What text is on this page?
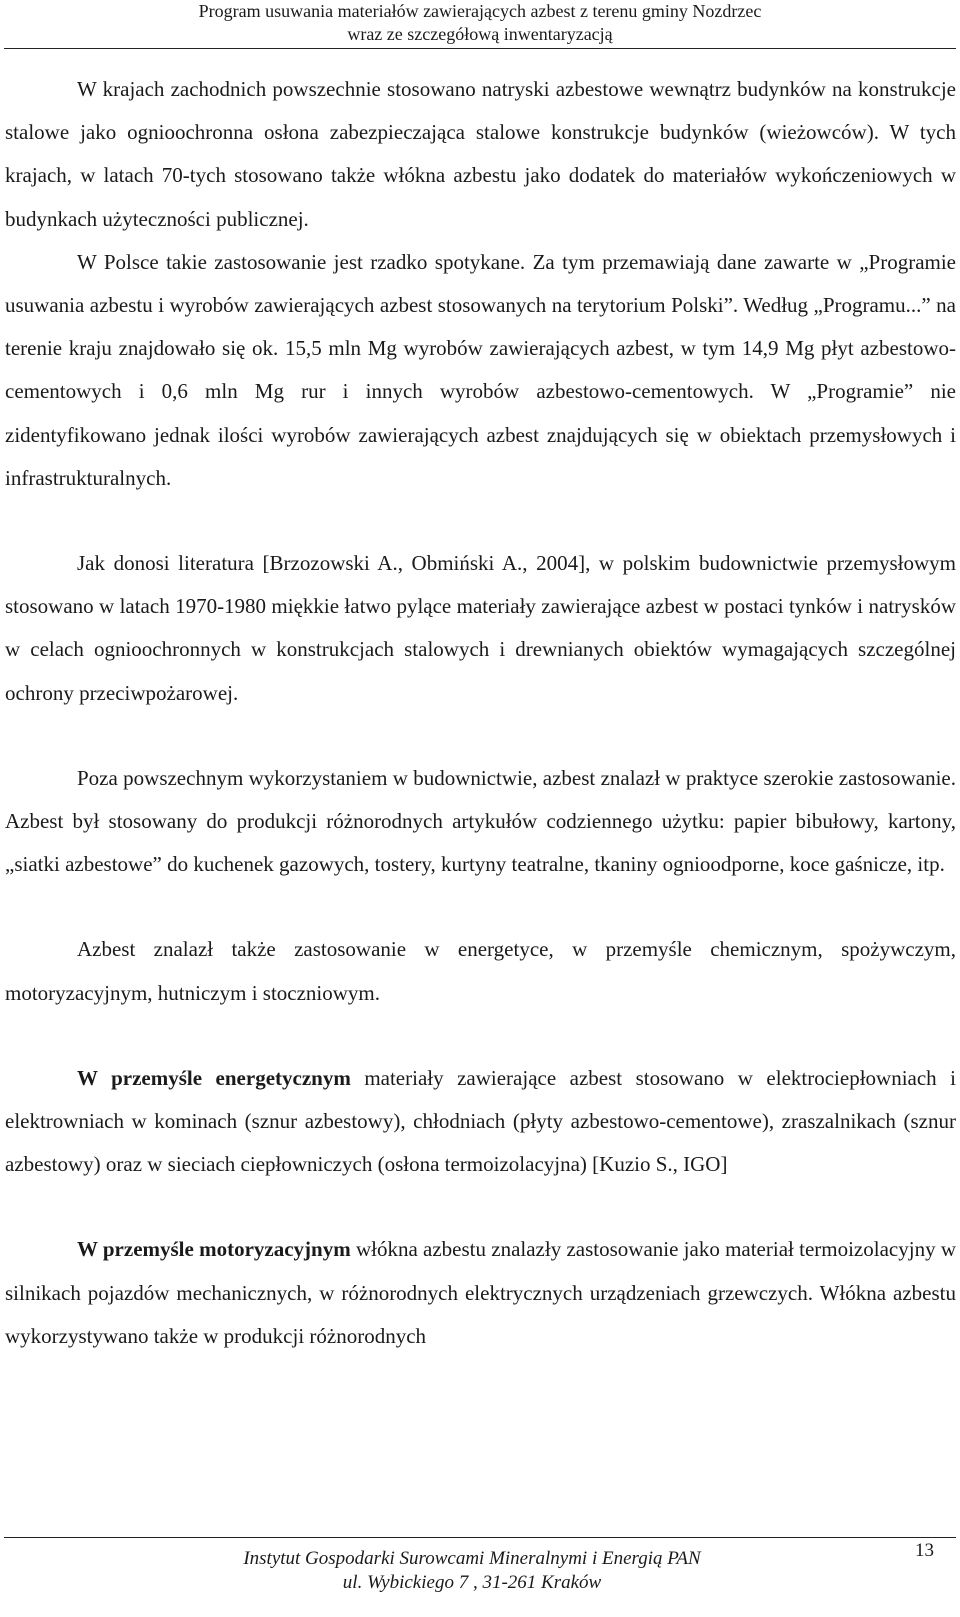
Program usuwania materiałów zawierających azbest z terenu gminy Nozdrzec
wraz ze szczegółową inwentaryzacją

W krajach zachodnich powszechnie stosowano natryski azbestowe wewnątrz budynków na konstrukcje stalowe jako ognioochronna osłona zabezpieczająca stalowe konstrukcje budynków (wieżowców). W tych krajach, w latach 70-tych stosowano także włókna azbestu jako dodatek do materiałów wykończeniowych w budynkach użyteczności publicznej.

W Polsce takie zastosowanie jest rzadko spotykane. Za tym przemawiają dane zawarte w „Programie usuwania azbestu i wyrobów zawierających azbest stosowanych na terytorium Polski”. Według „Programu...” na terenie kraju znajdowało się ok. 15,5 mln Mg wyrobów zawierających azbest, w tym 14,9 Mg płyt azbestowo-cementowych i 0,6 mln Mg rur i innych wyrobów azbestowo-cementowych. W „Programie” nie zidentyfikowano jednak ilości wyrobów zawierających azbest znajdujących się w obiektach przemysłowych i infrastrukturalnych.

Jak donosi literatura [Brzozowski A., Obmiński A., 2004], w polskim budownictwie przemysłowym stosowano w latach 1970-1980 miękkie łatwo pylące materiały zawierające azbest w postaci tynków i natrysków w celach ognioochronnych w konstrukcjach stalowych i drewnianych obiektów wymagających szczególnej ochrony przeciwpożarowej.

Poza powszechnym wykorzystaniem w budownictwie, azbest znalazł w praktyce szerokie zastosowanie. Azbest był stosowany do produkcji różnorodnych artykułów codziennego użytku: papier bibułowy, kartony, „siatki azbestowe” do kuchenek gazowych, tostery, kurtyny teatralne, tkaniny ognioodporne, koce gaśnicze, itp.

Azbest znalazł także zastosowanie w energetyce, w przemyśle chemicznym, spożywczym, motoryzacyjnym, hutniczym i stoczniowym.

W przemyśle energetycznym materiały zawierające azbest stosowano w elektrociepłowniach i elektrowniach w kominach (sznur azbestowy), chłodniach (płyty azbestowo-cementowe), zraszalnikach (sznur azbestowy) oraz w sieciach ciepłowniczych (osłona termoizolacyjna) [Kuzio S., IGO]

W przemyśle motoryzacyjnym włókna azbestu znalazły zastosowanie jako materiał termoizolacyjny w silnikach pojazdów mechanicznych, w różnorodnych elektrycznych urządzeniach grzewczych. Włókna azbestu wykorzystywano także w produkcji różnorodnych

Instytut Gospodarki Surowcami Mineralnymi i Energią PAN
ul. Wybickiego 7 , 31-261 Kraków
13
